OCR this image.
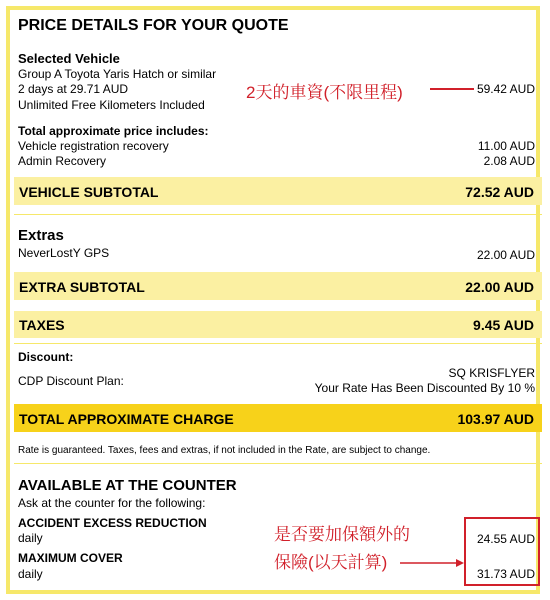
PRICE DETAILS FOR YOUR QUOTE
Selected Vehicle
Group A Toyota Yaris Hatch or similar
2 days at 29.71 AUD
Unlimited Free Kilometers Included
59.42 AUD
2天的車資(不限里程)
Total approximate price includes:
Vehicle registration recovery	11.00 AUD
Admin Recovery	2.08 AUD
VEHICLE SUBTOTAL	72.52 AUD
Extras
NeverLostY GPS	22.00 AUD
EXTRA SUBTOTAL	22.00 AUD
TAXES	9.45 AUD
Discount:
CDP Discount Plan:
SQ KRISFLYER
Your Rate Has Been Discounted By 10 %
TOTAL APPROXIMATE CHARGE	103.97 AUD
Rate is guaranteed. Taxes, fees and extras, if not included in the Rate, are subject to change.
AVAILABLE AT THE COUNTER
Ask at the counter for the following:
ACCIDENT EXCESS REDUCTION
daily	24.55 AUD
MAXIMUM COVER
daily	31.73 AUD
是否要加保額外的
保險(以天計算)
